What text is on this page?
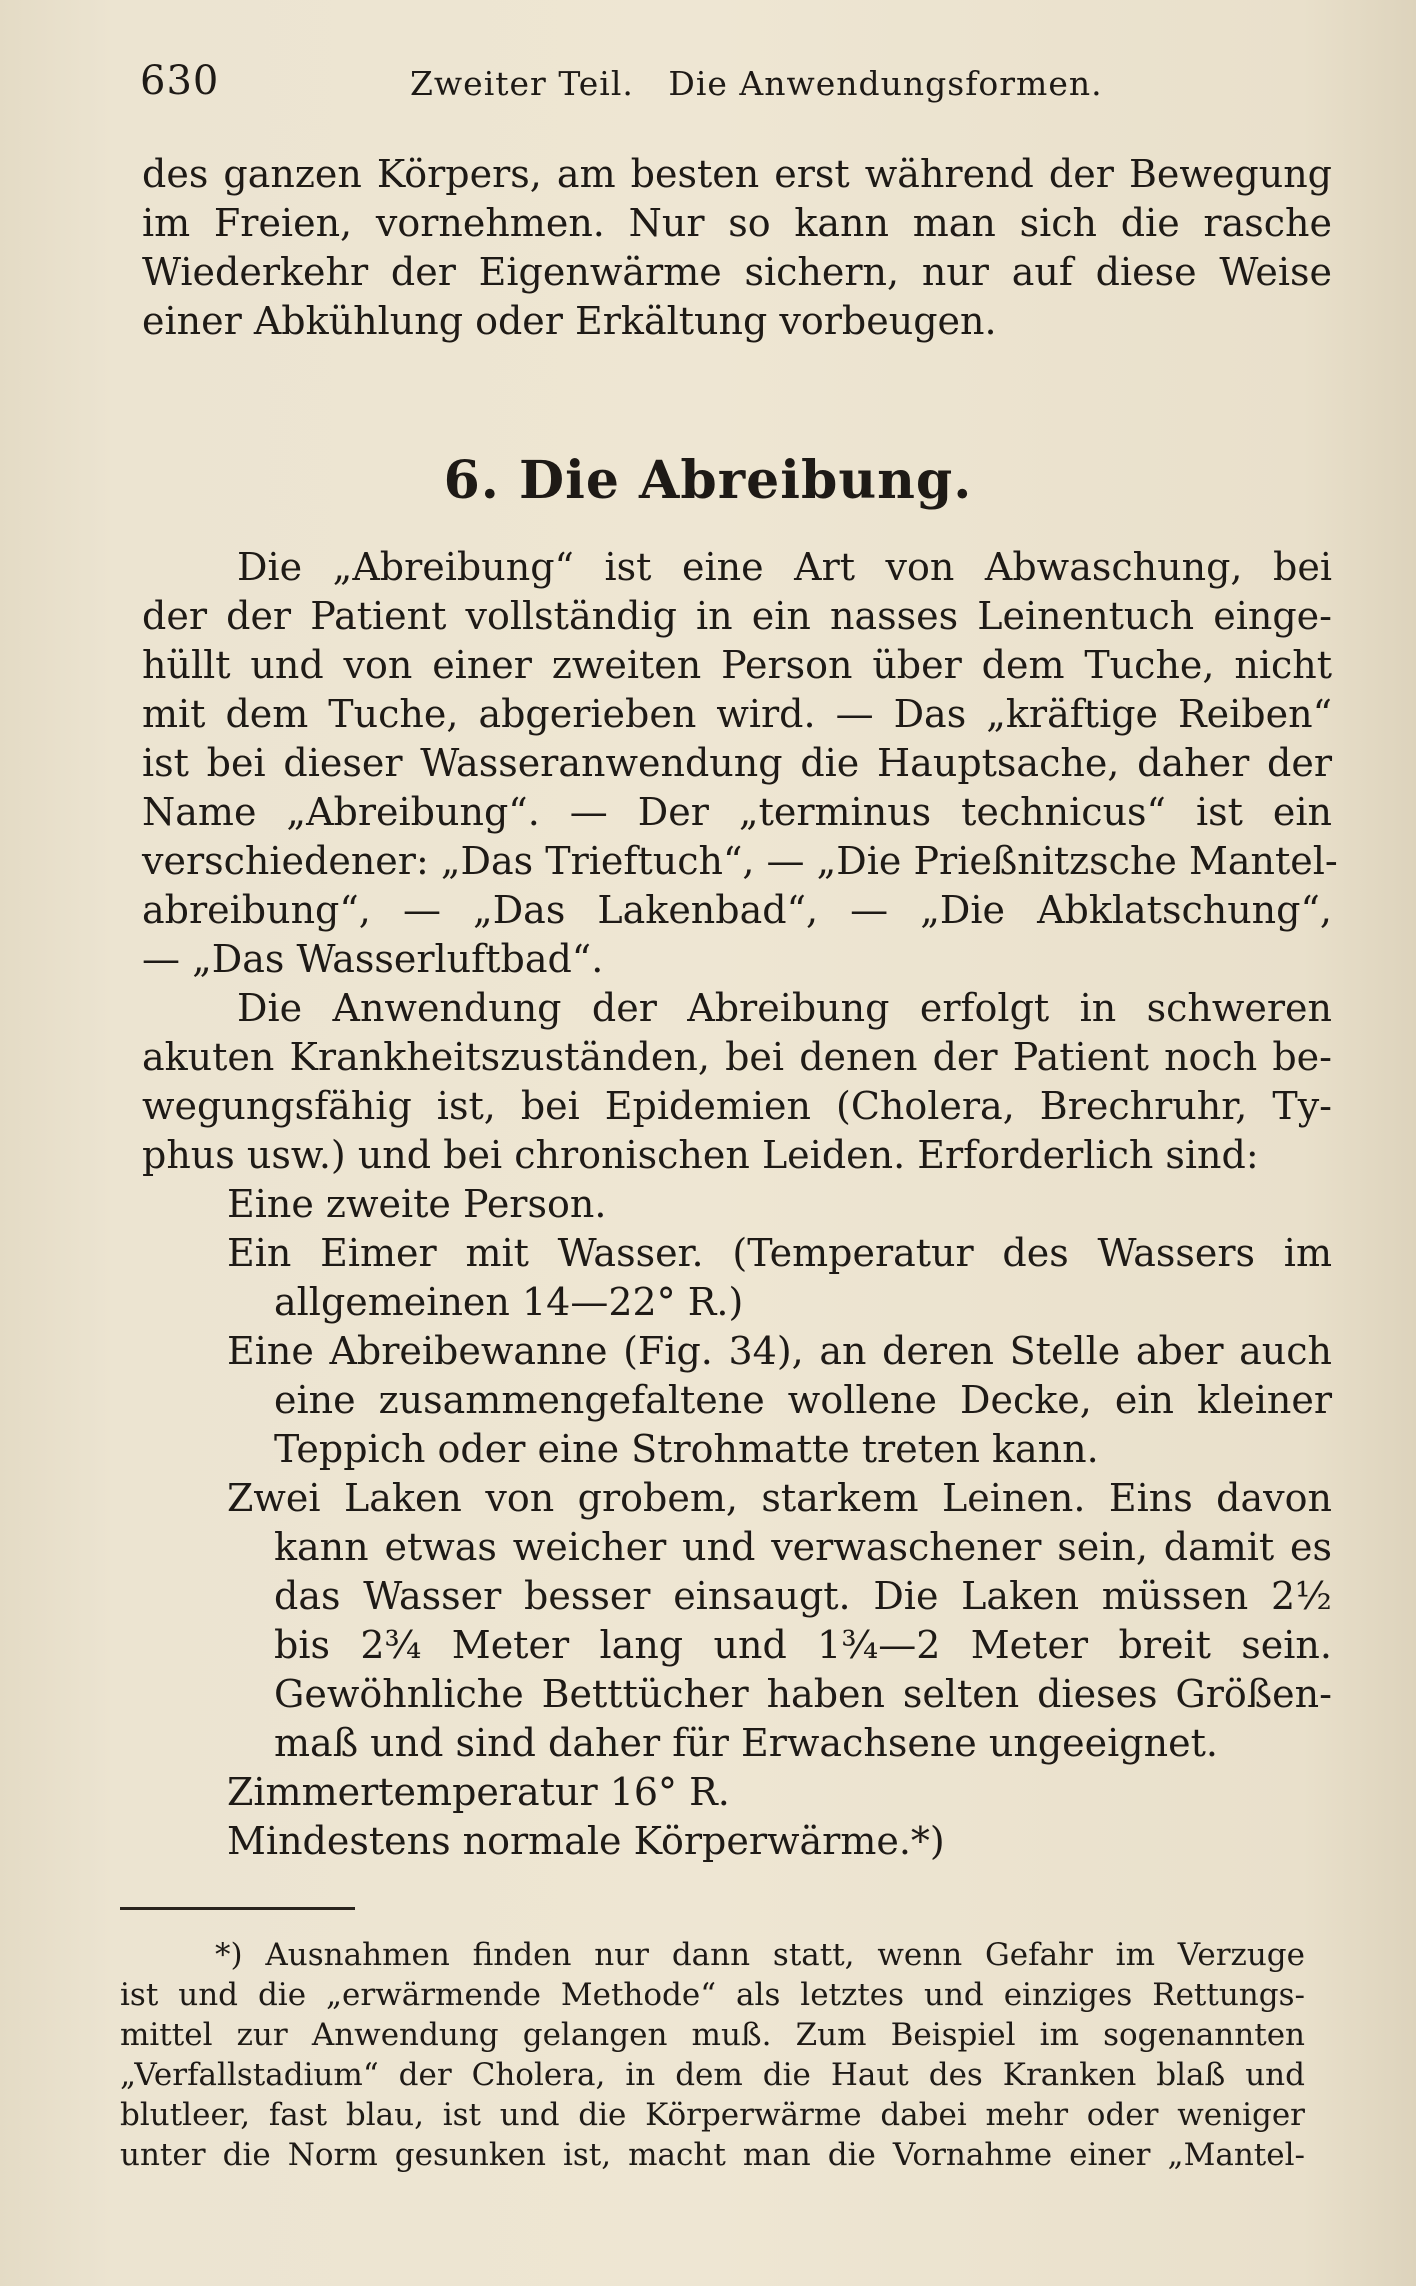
630	Zweiter Teil.   Die Anwendungsformen.
des ganzen Körpers, am besten erst während der Bewegung
im Freien, vornehmen. Nur so kann man sich die rasche
Wiederkehr der Eigenwärme sichern, nur auf diese Weise
einer Abkühlung oder Erkältung vorbeugen.
6. Die Abreibung.
Die „Abreibung“ ist eine Art von Abwaschung, bei
der der Patient vollständig in ein nasses Leinentuch einge-
hüllt und von einer zweiten Person über dem Tuche, nicht
mit dem Tuche, abgerieben wird. — Das „kräftige Reiben“
ist bei dieser Wasseranwendung die Hauptsache, daher der
Name „Abreibung“. — Der „terminus technicus“ ist ein
verschiedener: „Das Trieftuch“, — „Die Prießnitzsche Mantel-
abreibung“, — „Das Lakenbad“, — „Die Abklatschung“,
— „Das Wasserluftbad“.
Die Anwendung der Abreibung erfolgt in schweren
akuten Krankheitszuständen, bei denen der Patient noch be-
wegungsfähig ist, bei Epidemien (Cholera, Brechruhr, Ty-
phus usw.) und bei chronischen Leiden. Erforderlich sind:
Eine zweite Person.
Ein Eimer mit Wasser. (Temperatur des Wassers im
allgemeinen 14—22° R.)
Eine Abreibewanne (Fig. 34), an deren Stelle aber auch
eine zusammengefaltene wollene Decke, ein kleiner
Teppich oder eine Strohmatte treten kann.
Zwei Laken von grobem, starkem Leinen. Eins davon
kann etwas weicher und verwaschener sein, damit es
das Wasser besser einsaugt. Die Laken müssen 2½
bis 2¾ Meter lang und 1¾—2 Meter breit sein.
Gewöhnliche Betttücher haben selten dieses Größen-
maß und sind daher für Erwachsene ungeeignet.
Zimmertemperatur 16° R.
Mindestens normale Körperwärme.*)
*) Ausnahmen finden nur dann statt, wenn Gefahr im Verzuge
ist und die „erwärmende Methode“ als letztes und einziges Rettungs-
mittel zur Anwendung gelangen muß. Zum Beispiel im sogenannten
„Verfallstadium“ der Cholera, in dem die Haut des Kranken blaß und
blutleer, fast blau, ist und die Körperwärme dabei mehr oder weniger
unter die Norm gesunken ist, macht man die Vornahme einer „Mantel-
